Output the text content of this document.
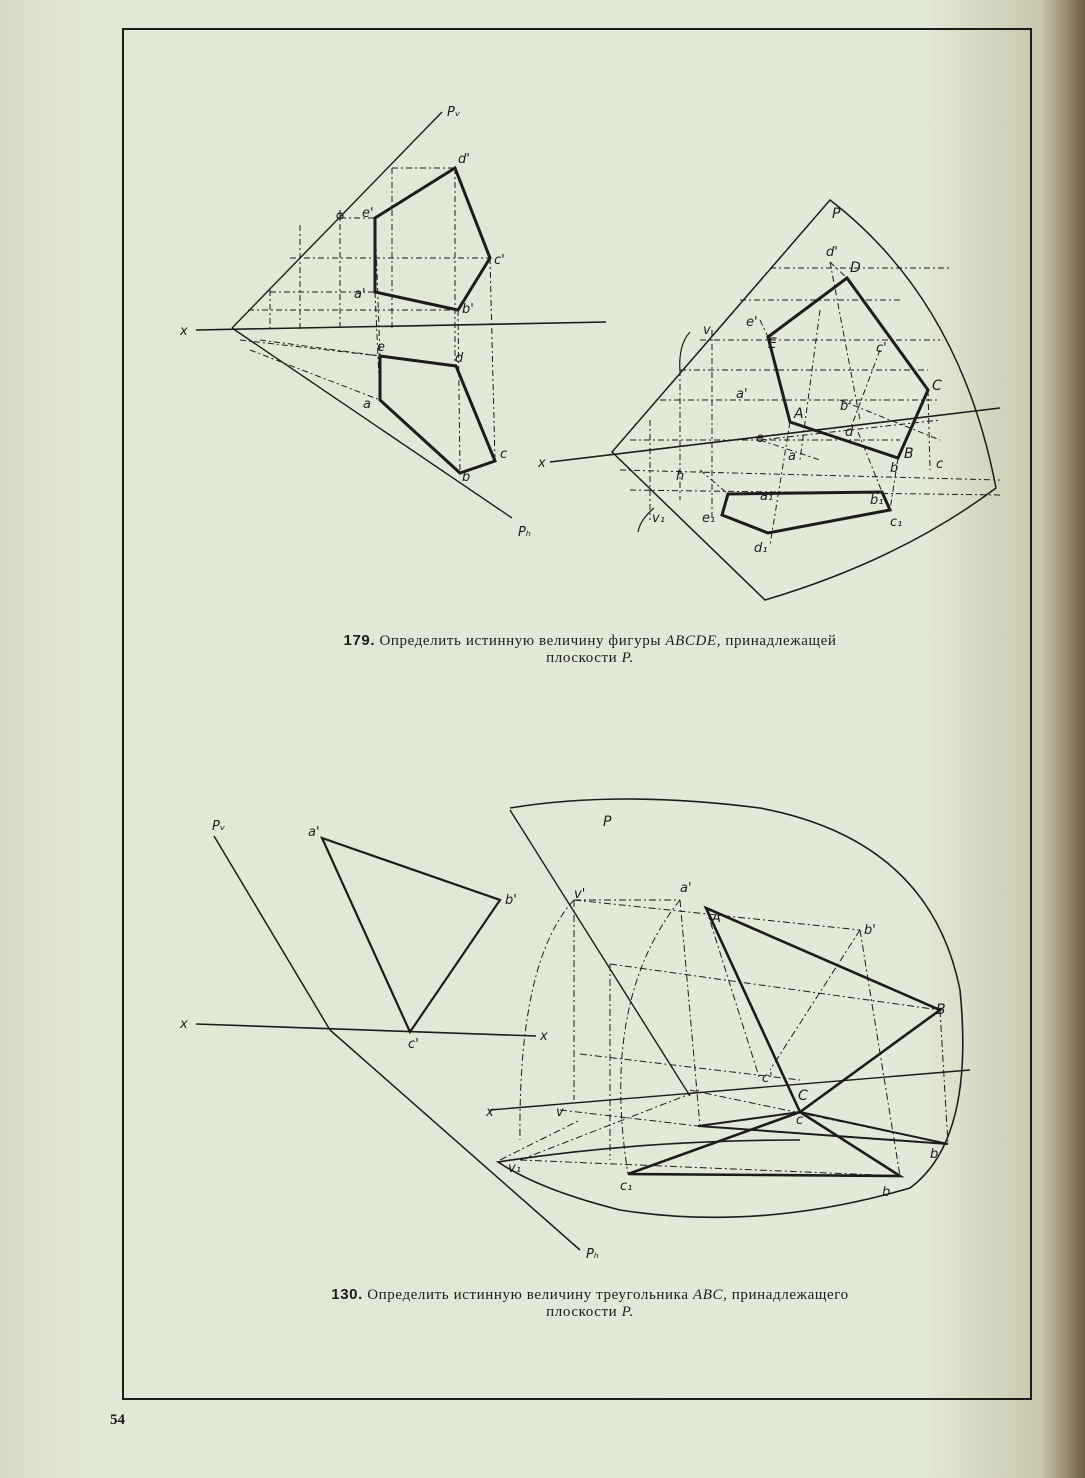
Pᵥ
Pₕ
x
d'
e'
c'
a'
b'
e
d
a
c
b
P
x
d'
D
e'
E	c'
C
v
a'
b'
A
d
e
a	B
b	c
h
a₁	b₁
v₁	e₁	c₁
d₁
Pᵥ
Pₕ
x
x
a'
b'
c'
P
v'	a'
A
b'
B
c'
C
c
x	v
v₁
c₁
b
b
179. Определить истинную величину фигуры ABCDE, принадлежащей
плоскости P.
130. Определить истинную величину треугольника ABC, принадлежащего
плоскости P.
54
